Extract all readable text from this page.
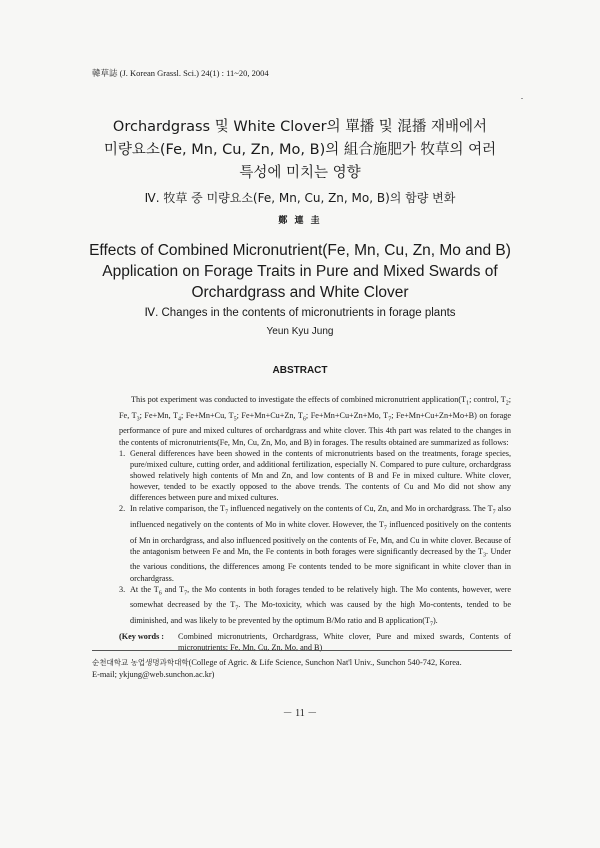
韓草誌 (J. Korean Grassl. Sci.) 24(1) : 11~20, 2004
Orchardgrass 및 White Clover의 單播 및 混播 재배에서
미량요소(Fe, Mn, Cu, Zn, Mo, B)의 組合施肥가 牧草의 여러
특성에 미치는 영향
Ⅳ. 牧草 중 미량요소(Fe, Mn, Cu, Zn, Mo, B)의 함량 변화
鄭 連 圭
Effects of Combined Micronutrient(Fe, Mn, Cu, Zn, Mo and B)
Application on Forage Traits in Pure and Mixed Swards of
Orchardgrass and White Clover
Ⅳ. Changes in the contents of micronutrients in forage plants
Yeun Kyu Jung
ABSTRACT

This pot experiment was conducted to investigate the effects of combined micronutrient $application(T_1$; control, $T_2$; Fe, $T_3$; Fe+Mn, $T_4$; Fe+Mn+Cu, $T_5$; Fe+Mn+Cu+Zn, $T_6$; Fe+Mn+Cu+Zn+Mo, $T_7$; Fe+Mn+Cu+Zn+Mo+B) on forage performance of pure and mixed cultures of orchardgrass and white clover. This 4th part was related to the changes in the contents of micronutrients(Fe, Mn, Cu, Zn, Mo, and B) in forages. The results obtained are summarized as follows:

1. General differences have been showed in the contents of micronutrients based on the treatments, forage species, pure/mixed culture, cutting order, and additional fertilization, especially N. Compared to pure culture, orchardgrass showed relatively high contents of Mn and Zn, and low contents of B and Fe in mixed culture. White clover, however, tended to be exactly opposed to the above trends. The contents of Cu and Mo did not show any differences between pure and mixed cultures.
2. In relative comparison, the $T_7$ influenced negatively on the contents of Cu, Zn, and Mo in orchardgrass. The $T_7$ also influenced negatively on the contents of Mo in white clover. However, the $T_7$ influenced positively on the contents of Mn in orchardgrass, and also influenced positively on the contents of Fe, Mn, and Cu in white clover. Because of the antagonism between Fe and Mn, the Fe contents in both forages were significantly decreased by the $T_3$. Under the various conditions, the differences among Fe contents tended to be more significant in white clover than in orchardgrass.
3. At the $T_6$ and $T_7$, the Mo contents in both forages tended to be relatively high. The Mo contents, however, were somewhat decreased by the $T_7$. The Mo-toxicity, which was caused by the high Mo-contents, tended to be diminished, and was likely to be prevented by the optimum B/Mo ratio and B $application(T_7)$.
(Key words : Combined micronutrients, Orchardgrass, White clover, Pure and mixed swards, Contents of micronutrients; Fe, Mn, Cu, Zn, Mo, and B)
순천대학교 농업생명과학대학(College of Agric. & Life Science, Sunchon Nat'l Univ., Sunchon 540-742, Korea.
E-mail; ykjung@web.sunchon.ac.kr)
－ 11 －
